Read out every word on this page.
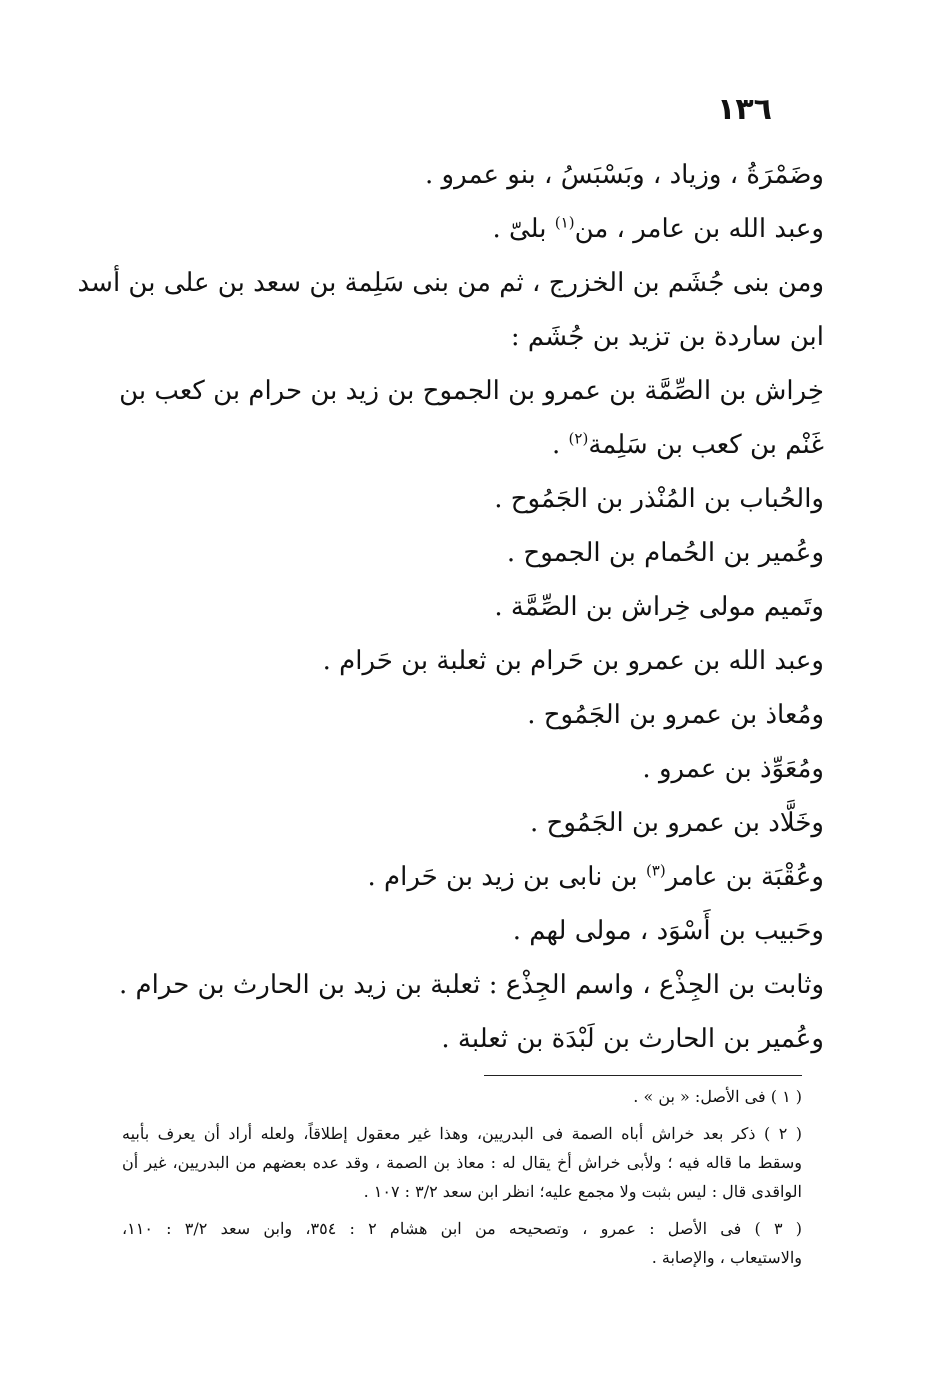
١٣٦
وضَمْرَةُ ، وزياد ، وبَسْبَسُ ، بنو عمرو .
وعبد الله بن عامر ، من$^{(١)}$ بلىّ .
ومن بنى جُشَم بن الخزرج ، ثم من بنى سَلِمة بن سعد بن على بن أسد
ابن ساردة بن تزيد بن جُشَم :
خِراش بن الصِّمَّة بن عمرو بن الجموح بن زيد بن حرام بن كعب بن
غَنْم بن كعب بن سَلِمة$^{(٢)}$ .
والحُباب بن المُنْذر بن الجَمُوح .
وعُمير بن الحُمام بن الجموح .
وتَميم مولى خِراش بن الصِّمَّة .
وعبد الله بن عمرو بن حَرام بن ثعلبة بن حَرام .
ومُعاذ بن عمرو بن الجَمُوح .
ومُعَوِّذ بن عمرو .
وخَلَّاد بن عمرو بن الجَمُوح .
وعُقْبَة بن عامر$^{(٣)}$ بن نابى بن زيد بن حَرام .
وحَبيب بن أَسْوَد ، مولى لهم .
وثابت بن الجِذْع ، واسم الجِذْع : ثعلبة بن زيد بن الحارث بن حرام .
وعُمير بن الحارث بن لَبْدَة بن ثعلبة .
( ١ ) فى الأصل: « بن » .
( ٢ ) ذكر بعد خراش أباه الصمة فى البدريين، وهذا غير معقول إطلاقاً، ولعله أراد أن يعرف بأبيه
وسقط ما قاله فيه ؛ ولأبى خراش أخ يقال له : معاذ بن الصمة ، وقد عده بعضهم من البدريين، غير أن
الواقدى قال : ليس بثبت ولا مجمع عليه؛ انظر ابن سعد ٣/٢ : ١٠٧ .
( ٣ ) فى الأصل : عمرو ، وتصحيحه من ابن هشام ٢ : ٣٥٤، وابن سعد ٣/٢ : ١١٠،
والاستيعاب ، والإصابة .
